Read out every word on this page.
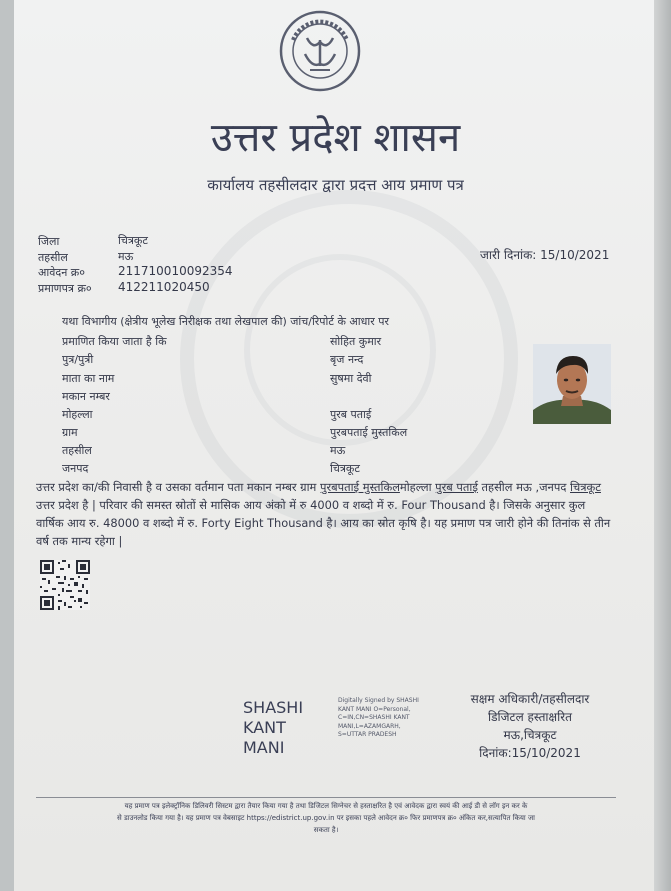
उत्तर प्रदेश शासन
कार्यालय तहसीलदार द्वारा प्रदत्त आय प्रमाण पत्र
जिला	चित्रकूट
तहसील	मऊ
आवेदन क्र०	211710010092354
प्रमाणपत्र क्र० 412211020450
जारी दिनांक: 15/10/2021
यथा विभागीय (क्षेत्रीय भूलेख निरीक्षक तथा लेखपाल की) जांच/रिपोर्ट के आधार पर
प्रमाणित किया जाता है कि	सोहित कुमार
पुत्र/पुत्री	बृज नन्द
माता का नाम	सुषमा देवी
मकान नम्बर
मोहल्ला	पुरब पताई
ग्राम	पुरबपताई मुस्तकिल
तहसील	मऊ
जनपद	चित्रकूट
उत्तर प्रदेश का/की निवासी है व उसका वर्तमान पता मकान नम्बर ग्राम पुरबपताई मुस्तकिलमोहल्ला पुरब पताई तहसील मऊ ,जनपद चित्रकूट उत्तर प्रदेश है | परिवार की समस्त स्रोतों से मासिक आय अंको में रु 4000 व शब्दो में रु. Four Thousand है। जिसके अनुसार कुल वार्षिक आय रु. 48000 व शब्दो में रु. Forty Eight Thousand है। आय का स्रोत कृषि है। यह प्रमाण पत्र जारी होने की तिनांक से तीन वर्ष तक मान्य रहेगा |
SHASHI
KANT
MANI
Digitally Signed by SHASHI
KANT MANI O=Personal,
C=IN,CN=SHASHI KANT
MANI,L=AZAMGARH,
S=UTTAR PRADESH
सक्षम अधिकारी/तहसीलदार
डिजिटल हस्ताक्षरित
मऊ,चित्रकूट
दिनांक:15/10/2021
यह प्रमाण पत्र इलेक्ट्रॉनिक डिलिवरी सिस्टम द्वारा तैयार किया गया है तथा डिजिटल सिग्नेचर से हस्ताक्षरित है एवं आवेदक द्वारा स्वयं की आई डी से लॉग इन कर के
से डाउनलोड किया गया है। यह प्रमाण पत्र वेबसाइट https://edistrict.up.gov.in पर इसका पहले आवेदन क्र० फिर प्रमाणपत्र क्र० अंकित कर,सत्यापित किया जा
सकता है।
